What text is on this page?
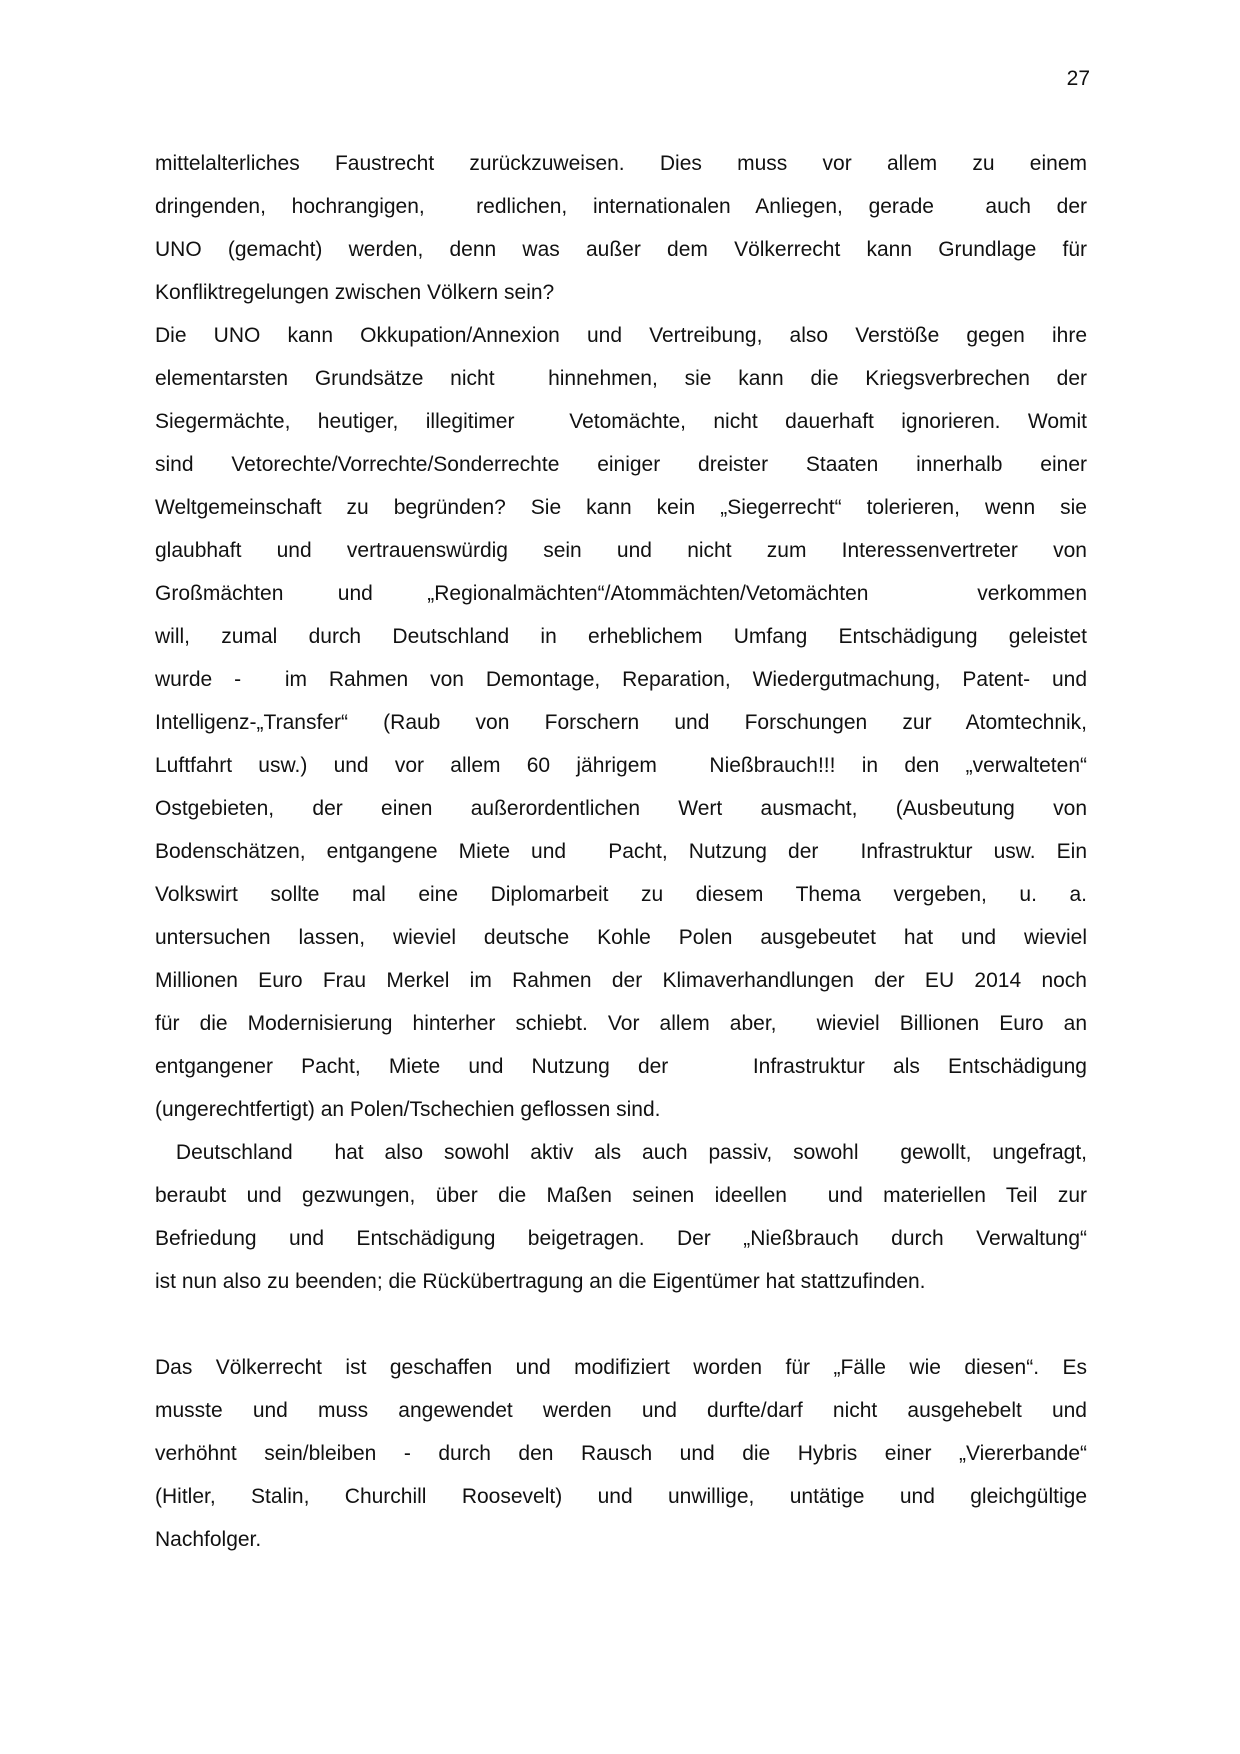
27
mittelalterliches Faustrecht zurückzuweisen. Dies muss vor allem zu einem
dringenden, hochrangigen,  redlichen, internationalen Anliegen, gerade  auch der
UNO (gemacht) werden, denn was außer dem Völkerrecht kann Grundlage für
Konfliktregelungen zwischen Völkern sein?
Die UNO kann Okkupation/Annexion und Vertreibung, also Verstöße gegen ihre
elementarsten Grundsätze nicht  hinnehmen, sie kann die Kriegsverbrechen der
Siegermächte, heutiger, illegitimer  Vetomächte, nicht dauerhaft ignorieren. Womit
sind Vetorechte/Vorrechte/Sonderrechte einiger dreister Staaten innerhalb einer
Weltgemeinschaft zu begründen? Sie kann kein „Siegerrecht“ tolerieren, wenn sie
glaubhaft und vertrauenswürdig sein und nicht zum Interessenvertreter von
Großmächten und „Regionalmächten“/Atommächten/Vetomächten  verkommen
will, zumal durch Deutschland in erheblichem Umfang Entschädigung geleistet
wurde -  im Rahmen von Demontage, Reparation, Wiedergutmachung, Patent- und
Intelligenz-„Transfer“ (Raub von Forschern und Forschungen zur Atomtechnik,
Luftfahrt usw.) und vor allem 60 jährigem  Nießbrauch!!! in den „verwalteten“
Ostgebieten, der einen außerordentlichen Wert ausmacht, (Ausbeutung von
Bodenschätzen, entgangene Miete und  Pacht, Nutzung der  Infrastruktur usw. Ein
Volkswirt sollte mal eine Diplomarbeit zu diesem Thema vergeben, u. a.
untersuchen lassen, wieviel deutsche Kohle Polen ausgebeutet hat und wieviel
Millionen Euro Frau Merkel im Rahmen der Klimaverhandlungen der EU 2014 noch
für die Modernisierung hinterher schiebt. Vor allem aber,  wieviel Billionen Euro an
entgangener Pacht, Miete und Nutzung der   Infrastruktur als Entschädigung
(ungerechtfertigt) an Polen/Tschechien geflossen sind.
Deutschland  hat also sowohl aktiv als auch passiv, sowohl  gewollt, ungefragt,
beraubt und gezwungen, über die Maßen seinen ideellen  und materiellen Teil zur
Befriedung und Entschädigung beigetragen. Der „Nießbrauch durch Verwaltung“
ist nun also zu beenden; die Rückübertragung an die Eigentümer hat stattzufinden.
Das Völkerrecht ist geschaffen und modifiziert worden für „Fälle wie diesen“. Es
musste und muss angewendet werden und durfte/darf nicht ausgehebelt und
verhöhnt sein/bleiben - durch den Rausch und die Hybris einer „Viererbande“
(Hitler, Stalin, Churchill Roosevelt) und unwillige, untätige und gleichgültige
Nachfolger.
